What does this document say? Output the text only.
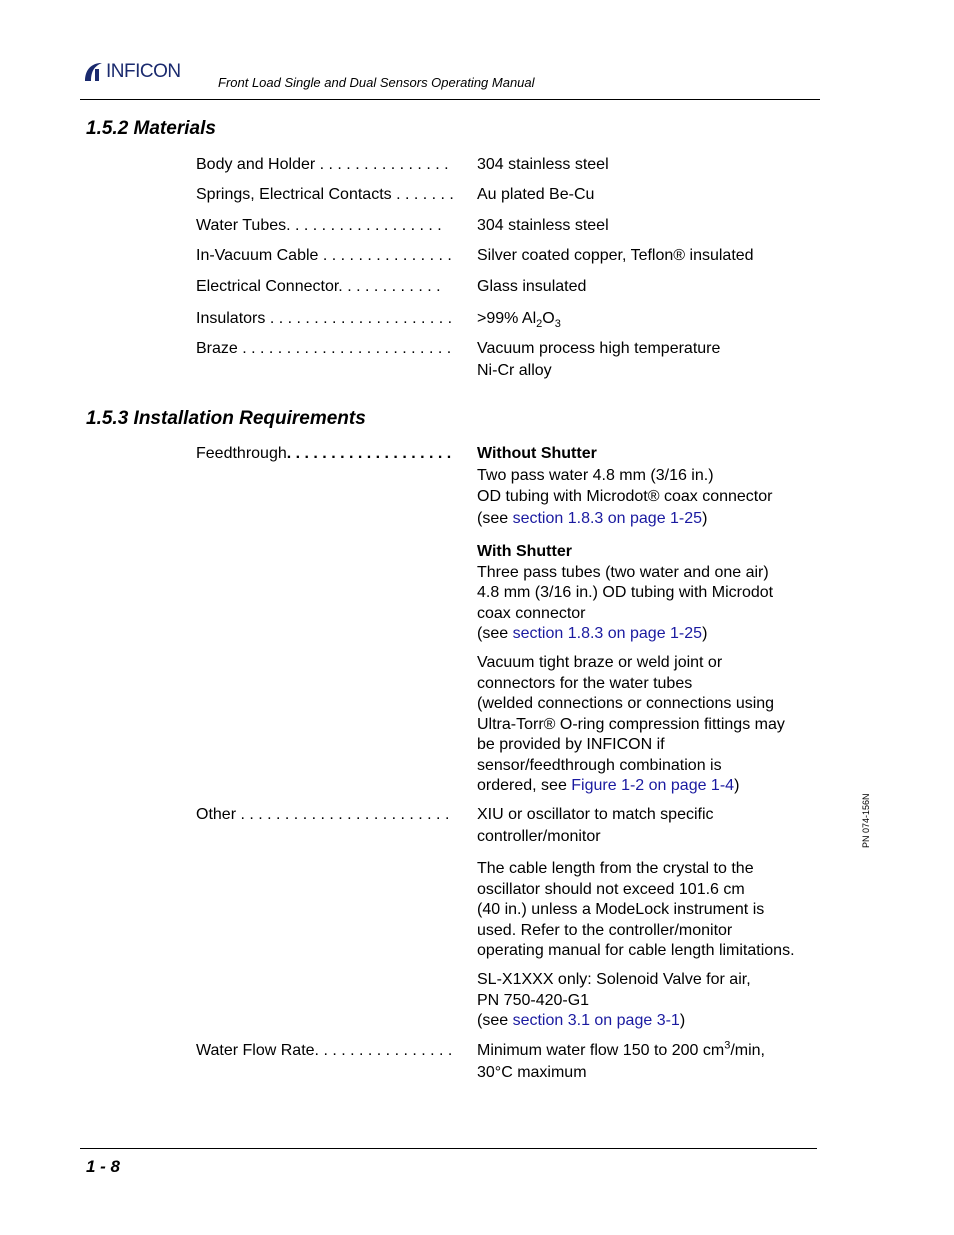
INFICON
Front Load Single and Dual Sensors Operating Manual
1.5.2 Materials
Body and Holder . . . . . . . . . . . . . . .	304 stainless steel
Springs, Electrical Contacts . . . . . . .	Au plated Be-Cu
Water Tubes. . . . . . . . . . . . . . . . . .	304 stainless steel
In-Vacuum Cable . . . . . . . . . . . . . . .	Silver coated copper, Teflon® insulated
Electrical Connector. . . . . . . . . . . .	Glass insulated
Insulators . . . . . . . . . . . . . . . . . . . . .	>99% $Al_2O_3$
Braze . . . . . . . . . . . . . . . . . . . . . . . .	Vacuum process high temperature
Ni-Cr alloy
1.5.3 Installation Requirements
Feedthrough. . . . . . . . . . . . . . . . . . .	Without Shutter
Two pass water 4.8 mm (3/16 in.)
OD tubing with Microdot® coax connector
(see section 1.8.3 on page 1-25)
With Shutter
Three pass tubes (two water and one air)
4.8 mm (3/16 in.) OD tubing with Microdot
coax connector
(see section 1.8.3 on page 1-25)
Vacuum tight braze or weld joint or
connectors for the water tubes
(welded connections or connections using
Ultra-Torr® O-ring compression fittings may
be provided by INFICON if
sensor/feedthrough combination is
ordered, see Figure 1-2 on page 1-4)
Other . . . . . . . . . . . . . . . . . . . . . . . .	XIU or oscillator to match specific
controller/monitor
The cable length from the crystal to the
oscillator should not exceed 101.6 cm
(40 in.) unless a ModeLock instrument is
used. Refer to the controller/monitor
operating manual for cable length limitations.
SL-X1XXX only: Solenoid Valve for air,
PN 750-420-G1
(see section 3.1 on page 3-1)
Water Flow Rate. . . . . . . . . . . . . . . .	Minimum water flow 150 to 200 $cm^3/\min$,
30°C maximum
PN 074-156N
1 - 8
